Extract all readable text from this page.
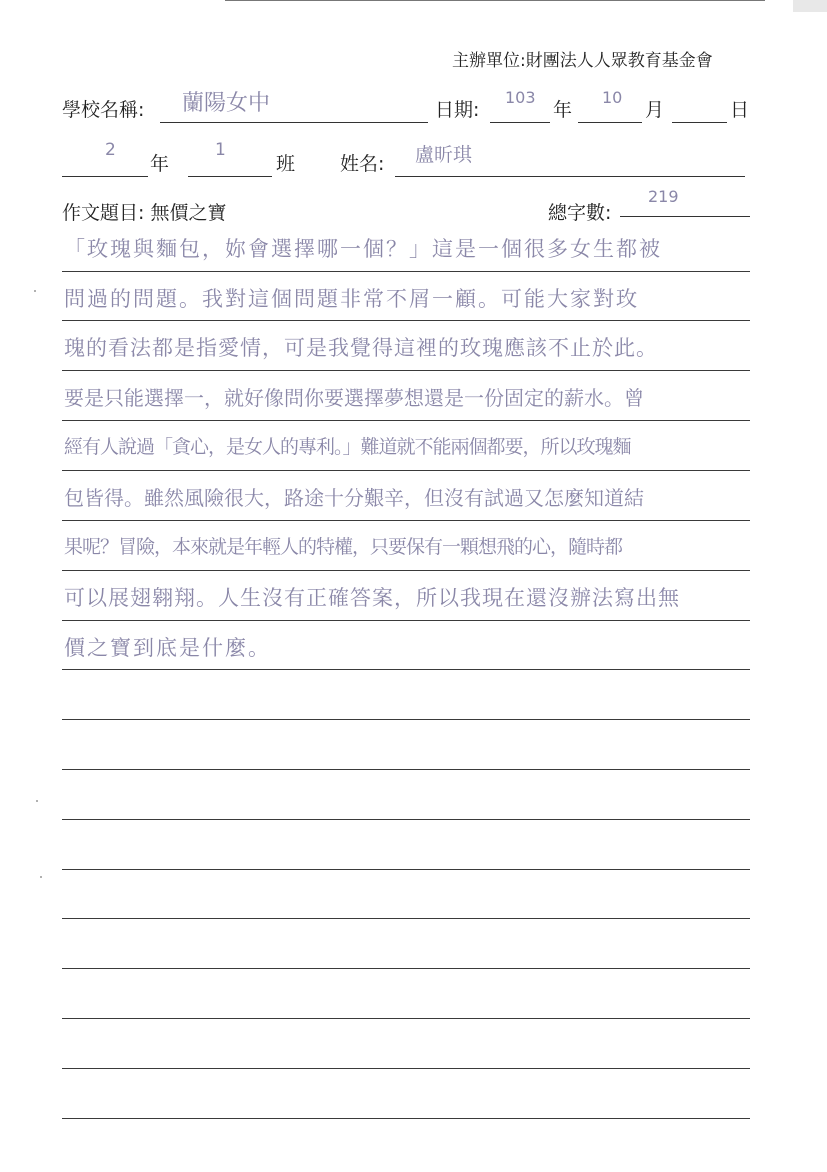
主辦單位:財團法人人眾教育基金會
學校名稱: 蘭陽女中	日期:
103
年
10
月	日
2
年
1
班 姓名: 盧昕琪
作文題目: 無價之寶	總字數:
219
「玫瑰與麵包，妳會選擇哪一個？」這是一個很多女生都被
問過的問題。我對這個問題非常不屑一顧。可能大家對玫
瑰的看法都是指愛情，可是我覺得這裡的玫瑰應該不止於此。
要是只能選擇一，就好像問你要選擇夢想還是一份固定的薪水。曾
經有人說過「貪心，是女人的專利。」難道就不能兩個都要，所以玫瑰麵
包皆得。雖然風險很大，路途十分艱辛，但沒有試過又怎麼知道結
果呢？冒險，本來就是年輕人的特權，只要保有一顆想飛的心，隨時都
可以展翅翱翔。人生沒有正確答案，所以我現在還沒辦法寫出無
價之寶到底是什麼。
